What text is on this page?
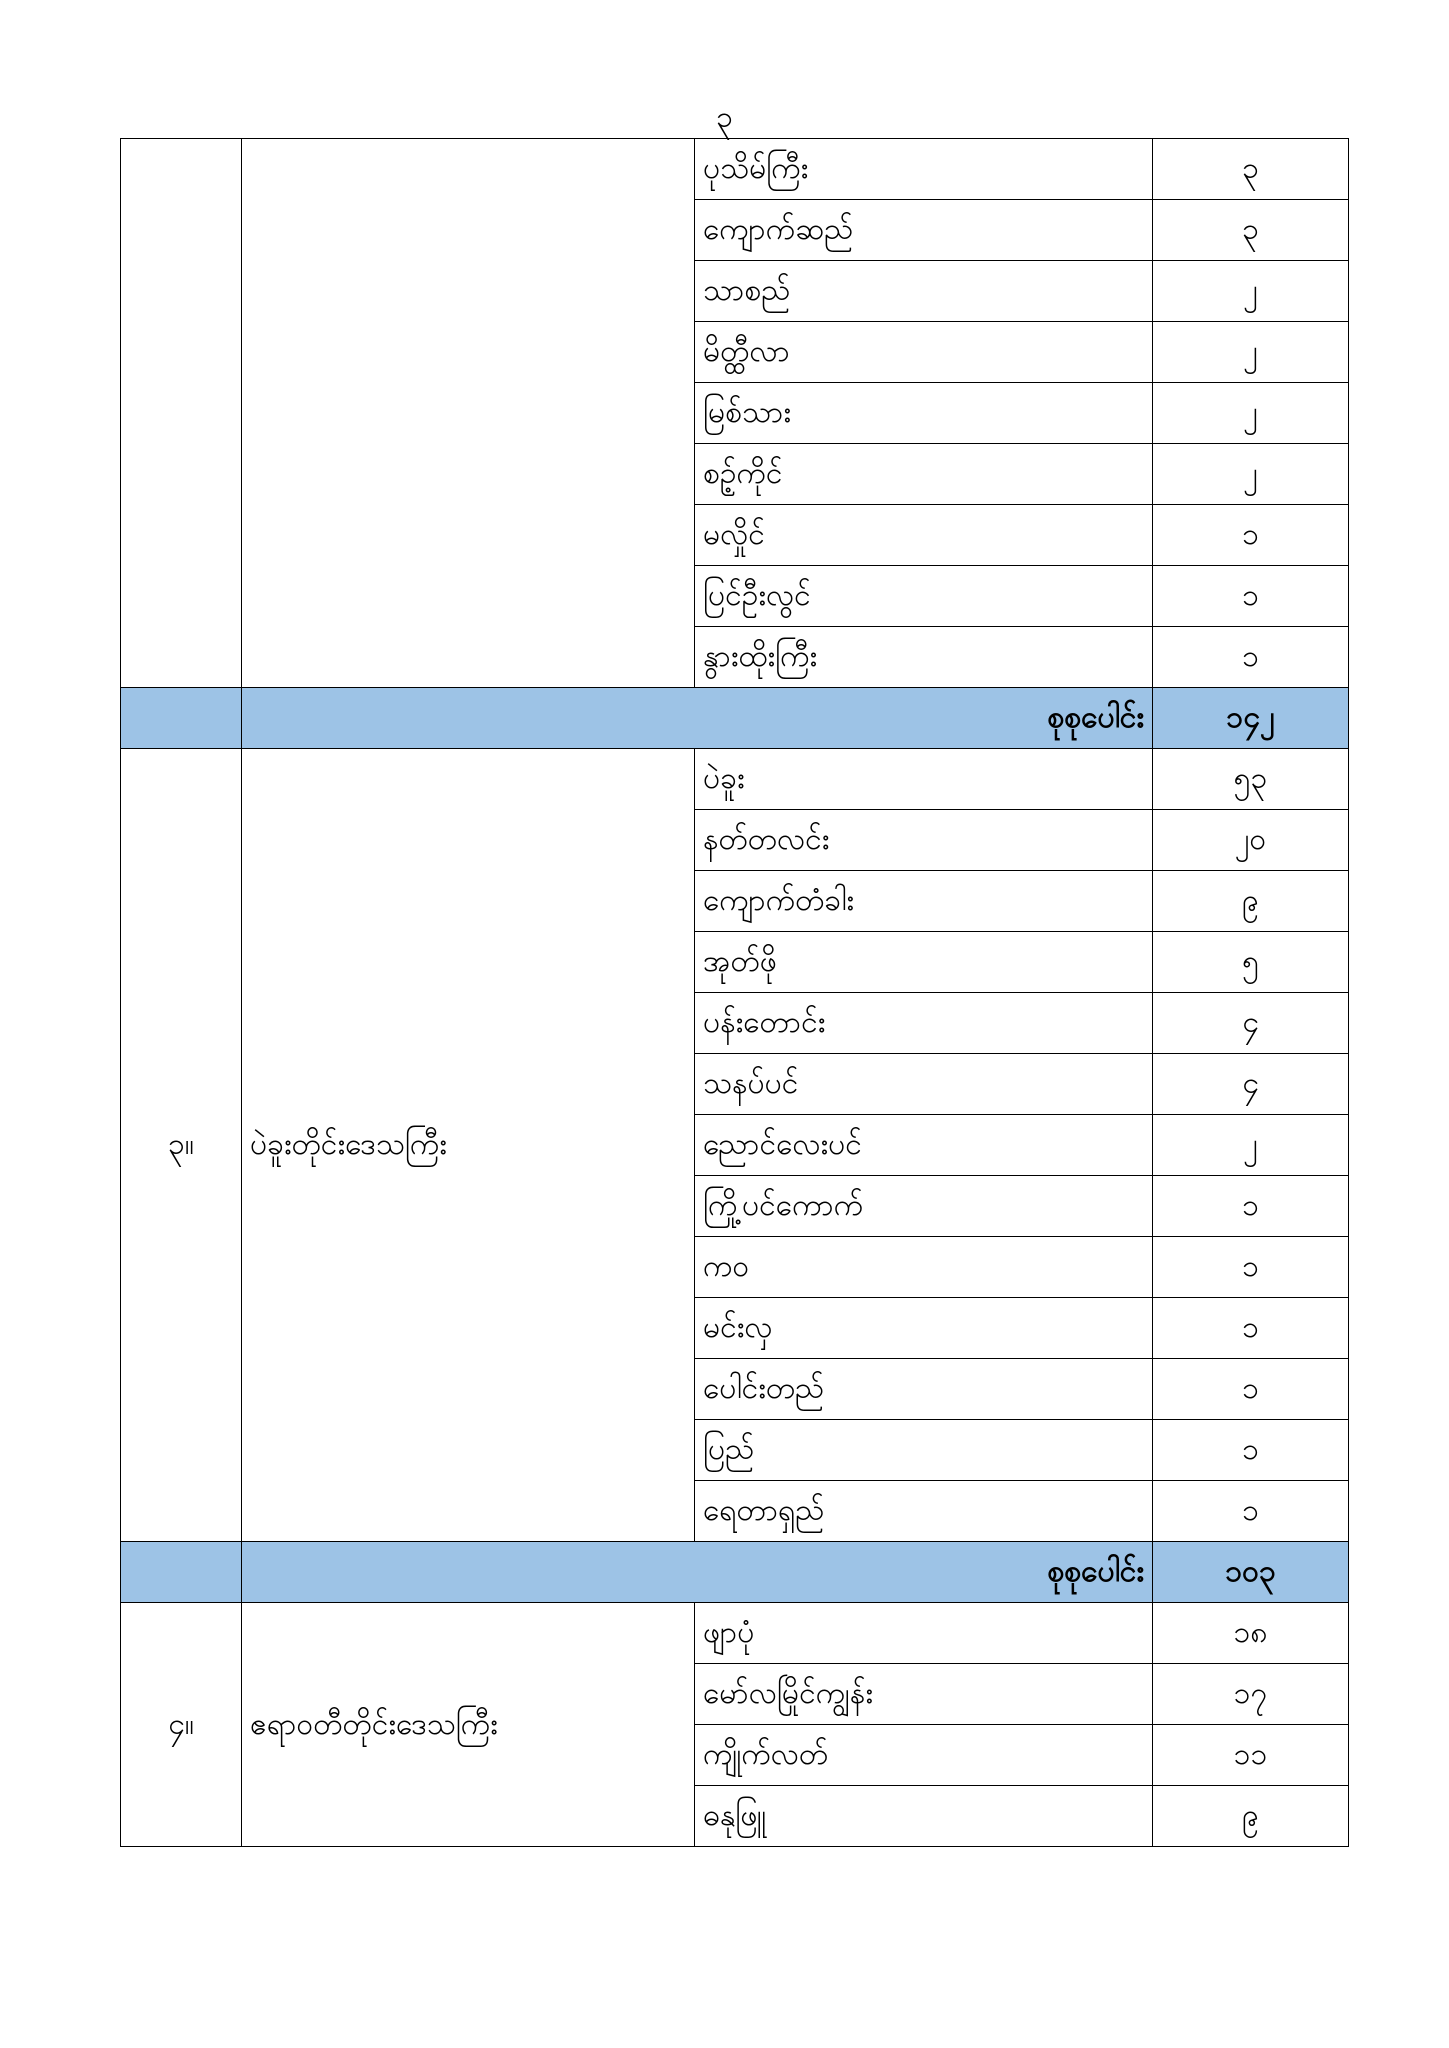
၃
		ပုသိမ်ကြီး	၃
		ကျောက်ဆည်	၃
		သာစည်	၂
		မိတ္ထီလာ	၂
		မြစ်သား	၂
		စဉ့်ကိုင်	၂
		မလှိုင်	၁
		ပြင်ဦးလွင်	၁
		နွားထိုးကြီး	၁
	စုစုပေါင်း		၁၄၂
၃။	ပဲခူးတိုင်းဒေသကြီး	ပဲခူး	၅၃
		နတ်တလင်း	၂၀
		ကျောက်တံခါး	၉
		အုတ်ဖို	၅
		ပန်းတောင်း	၄
		သနပ်ပင်	၄
		ညောင်လေးပင်	၂
		ကြို့ပင်ကောက်	၁
		ကဝ	၁
		မင်းလှ	၁
		ပေါင်းတည်	၁
		ပြည်	၁
		ရေတာရှည်	၁
	စုစုပေါင်း		၁၀၃
၄။	ဧရာဝတီတိုင်းဒေသကြီး	ဖျာပုံ	၁၈
		မော်လမြိုင်ကျွန်း	၁၇
		ကျိုက်လတ်	၁၁
		ဓနုဖြူ	၉
